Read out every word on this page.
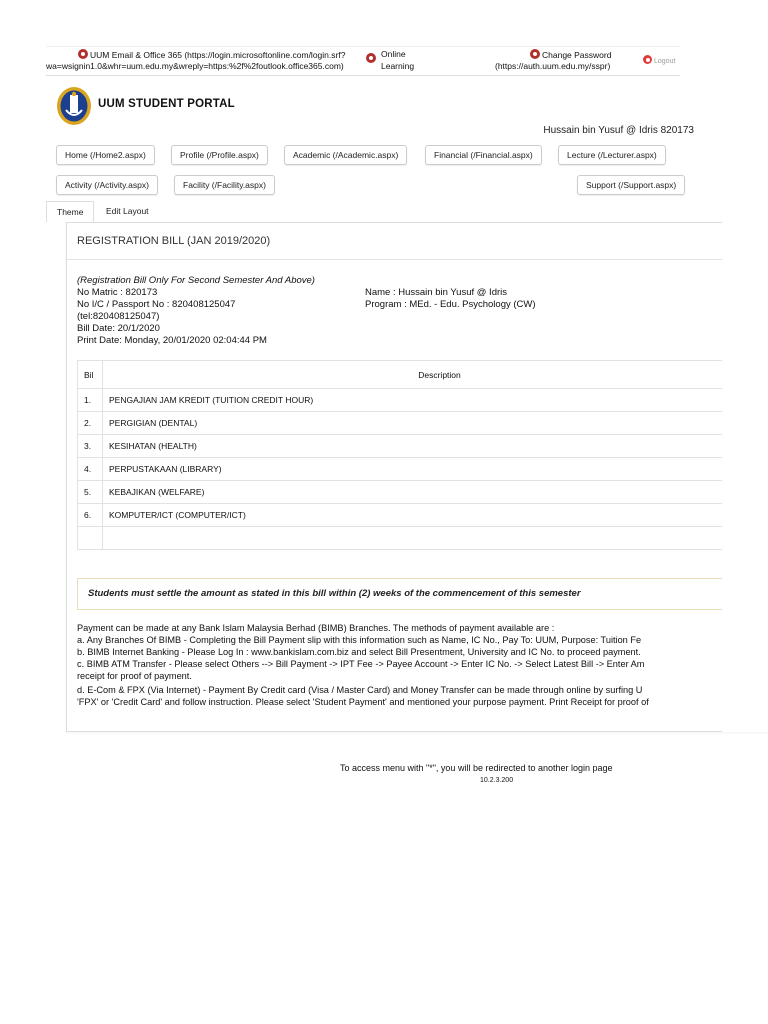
UUM Email & Office 365 (https://login.microsoftonline.com/login.srf?
wa=wsignin1.0&whr=uum.edu.my&wreply=https:%2f%2foutlook.office365.com)
Online
Learning
Change Password
(https://auth.uum.edu.my/sspr)	Logout
UUM STUDENT PORTAL
Hussain bin Yusuf @ Idris 820173
Home (/Home2.aspx)	Profile (/Profile.aspx)	Academic (/Academic.aspx)	Financial (/Financial.aspx)	Lecture (/Lecturer.aspx)
Activity (/Activity.aspx)	Facility (/Facility.aspx)	Support (/Support.aspx)
Theme	Edit Layout
REGISTRATION BILL (JAN 2019/2020)
(Registration Bill Only For Second Semester And Above)
No Matric : 820173
No I/C / Passport No : 820408125047
(tel:820408125047)
Bill Date: 20/1/2020
Print Date: Monday, 20/01/2020 02:04:44 PM
Name : Hussain bin Yusuf @ Idris
Program : MEd. - Edu. Psychology (CW)
Bil	Description
1.	PENGAJIAN JAM KREDIT (TUITION CREDIT HOUR)
2.	PERGIGIAN (DENTAL)
3.	KESIHATAN (HEALTH)
4.	PERPUSTAKAAN (LIBRARY)
5.	KEBAJIKAN (WELFARE)
6.	KOMPUTER/ICT (COMPUTER/ICT)

Students must settle the amount as stated in this bill within (2) weeks of the commencement of this semester
Payment can be made at any Bank Islam Malaysia Berhad (BIMB) Branches. The methods of payment available are :
a. Any Branches Of BIMB - Completing the Bill Payment slip with this information such as Name, IC No., Pay To: UUM, Purpose: Tuition Fe
b. BIMB Internet Banking - Please Log In : www.bankislam.com.biz and select Bill Presentment, University and IC No. to proceed payment.
c. BIMB ATM Transfer - Please select Others --> Bill Payment -> IPT Fee -> Payee Account -> Enter IC No. -> Select Latest Bill -> Enter Am
receipt for proof of payment.
d. E-Com & FPX (Via Internet) - Payment By Credit card (Visa / Master Card) and Money Transfer can be made through online by surfing U
'FPX' or 'Credit Card' and follow instruction. Please select 'Student Payment' and mentioned your purpose payment. Print Receipt for proof of
To access menu with "*", you will be redirected to another login page
10.2.3.200
